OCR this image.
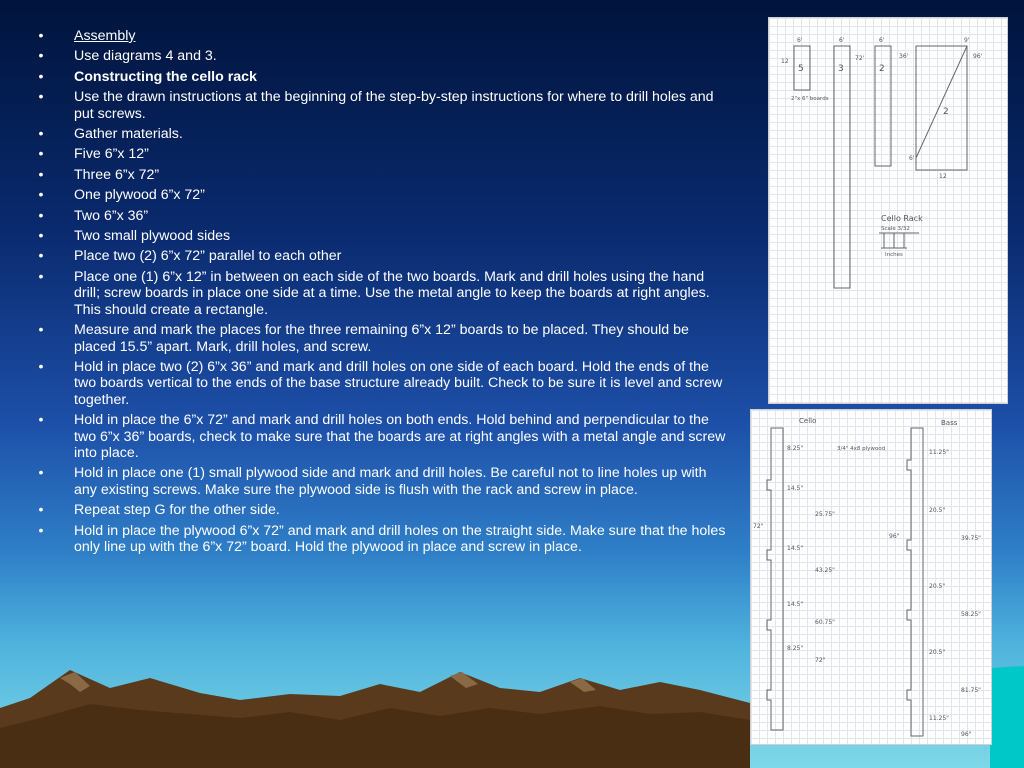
• Assembly
• Use diagrams 4 and 3.
• Constructing the cello rack
• Use the drawn instructions at the beginning of the step-by-step instructions for where to drill holes and put screws.
• Gather materials.
• Five 6”x 12”
• Three 6”x 72”
• One plywood 6”x 72”
• Two 6”x 36”
• Two small plywood sides
• Place two (2) 6”x 72” parallel to each other
• Place one (1) 6”x 12” in between on each side of the two boards. Mark and drill holes using the hand drill; screw boards in place one side at a time. Use the metal angle to keep the boards at right angles. This should create a rectangle.
• Measure and mark the places for the three remaining 6”x 12” boards to be placed. They should be placed 15.5” apart. Mark, drill holes, and screw.
• Hold in place two (2) 6”x 36” and mark and drill holes on one side of each board. Hold the ends of the two boards vertical to the ends of the base structure already built. Check to be sure it is level and screw together.
• Hold in place the 6”x 72” and mark and drill holes on both ends. Hold behind and perpendicular to the two 6”x 36” boards, check to make sure that the boards are at right angles with a metal angle and screw into place.
• Hold in place one (1) small plywood side and mark and drill holes. Be careful not to line holes up with any existing screws. Make sure the plywood side is flush with the rack and screw in place.
• Repeat step G for the other side.
• Hold in place the plywood 6”x 72” and mark and drill holes on the straight side. Make sure that the holes only line up with the 6”x 72” board. Hold the plywood in place and screw in place.
5	3	2
2
12
6'	6'	6'
36'
9'
96'
72'
6'
12
2"x 6" boards
Cello Rack
Scale 3/32
Inches
Cello	Bass
8.25"
14.5"
25.75"
14.5"
43.25"
14.5"
60.75"
8.25"
72"
72"
3/4" 4x8 plywood	11.25"
20.5"
39.75"
20.5"
58.25"
20.5"
81.75"
11.25"
96"
96"
